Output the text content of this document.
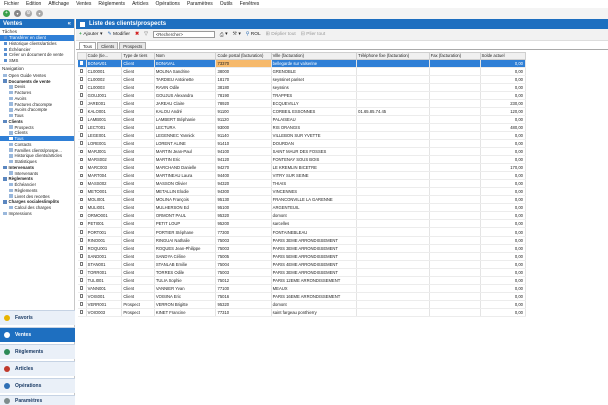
Fichier Edition Affichage Ventes Règlements Articles Opérations Paramètres Outils Fenêtres
+	▾	⚙	▾
Ventes	«
Tâches
Transférer en client
Historique clients/articles
Échéancier
Créer un document de vente
SMS
Navigation
Open Guide Ventes
Documents de vente
Devis
Factures
Avoirs
Factures d'acompte
Avoirs d'acompte
Tous
Clients
Prospects
Clients
Tous
Contacts
Familles clients/prospe...
Historique clients/articles
Statistiques
Intervenants
Intervenants
Règlements
Échéancier
Règlements
Livret des recettes
Charges sociales/impôts
Calcul des charges
Impressions
Favoris
Ventes
Règlements
Articles
Opérations
Paramètres
Liste des clients/prospects
+ Ajouter ▾ ✎ Modifier ✖ ▽	<Rechercher>	⎙ ▾ ⚒ ▾ ⚲ ROL ⊞ Déplier tout ⊟ Plier tout
Tous	Clients	Prospects
	Code (tie...	Type de tiers	Nom	Code postal (facturation)	Ville (facturation)	Téléphone fixe (facturation)	Fax (facturation)	Solde actuel
	BONAV01	Client	BONAVAL	73370	bellegarde sur valserine			0,00
	CL00001	Client	MOLINA Sandrine	38000	GRENOBLE			0,00
	CL00002	Client	TARDIEU Antoinette	18170	seyssinet pariset			0,00
	CL00003	Client	RAVIN Odile	38180	seyssins			0,00
	GOUJ001	Client	GOUJUS Alexandra	78190	TRAPPES			0,00
	JARE001	Client	JAREAU Claire	78920	ECQUEVILLY			230,00
	KALO001	Client	KALOU André	91100	CORBEIL ESSONNES	01.65.85.74.45		120,00
	LAMB001	Client	LAMBERT Stéphanie	91120	PALAISEAU			0,00
	LECT001	Client	LECTURA	93000	RIS ORANGIS			480,00
	LEGE001	Client	LEGENNEC Yannick	91140	VILLEBON SUR YVETTE			0,00
	LORE001	Client	LORENT ALINE	91410	DOURDAN			0,00
	MARJ001	Client	MARTIN Jean-Paul	94100	SAINT MAUR DES FOSSES			0,00
	MARS002	Client	MARTIN Eric	94120	FONTENAY SOUS BOIS			0,00
	MARC003	Client	MARCHAND Danielle	94270	LE KREMLIN BICETRE			170,00
	MART004	Client	MARTINEAU Laura	94400	VITRY SUR SEINE			0,00
	MASS002	Client	MASSON Olivier	94320	THIAIS			0,00
	METO001	Client	METALLIN Elodie	94300	VINCENNES			0,00
	MOLI001	Client	MOLINA François	95130	FRANCONVILLE LA GARENNE			0,00
	MULI001	Client	MULHERSON Ed	95100	ARGENTEUIL			0,00
	ORMO001	Client	ORMONT PAUL	95320	domont			0,00
	PETI001	Client	PETIT LOUP	95200	sarcelles			0,00
	PORT001	Client	PORTIER Stéphane	77300	FONTAINEBLEAU			0,00
	RINO001	Client	RINGUAI Nathalie	75003	PARIS 3EME ARRONDISSEMENT			0,00
	ROQU001	Client	ROQUES Jean-Philippe	75003	PARIS 3EME ARRONDISSEMENT			0,00
	SAND001	Client	SANDYA Céline	75005	PARIS 5EME ARRONDISSEMENT			0,00
	STAN001	Client	STANLAB Emilie	75004	PARIS 4EME ARRONDISSEMENT			0,00
	TORR001	Client	TORRES Odile	75003	PARIS 3EME ARRONDISSEMENT			0,00
	TULI001	Client	TULIA Sophie	75012	PARIS 12EME ARRONDISSEMENT			0,00
	VANN001	Client	VANNIER Yvan	77100	MEAUX			0,00
	VOIS001	Client	VOISINA Eric	75016	PARIS 16EME ARRONDISSEMENT			0,00
	VERR001	Prospect	VERRON Brigitte	95320	domont			0,00
	VOIO003	Prospect	KINET Francine	77310	saint fargeau ponthierry			0,00
